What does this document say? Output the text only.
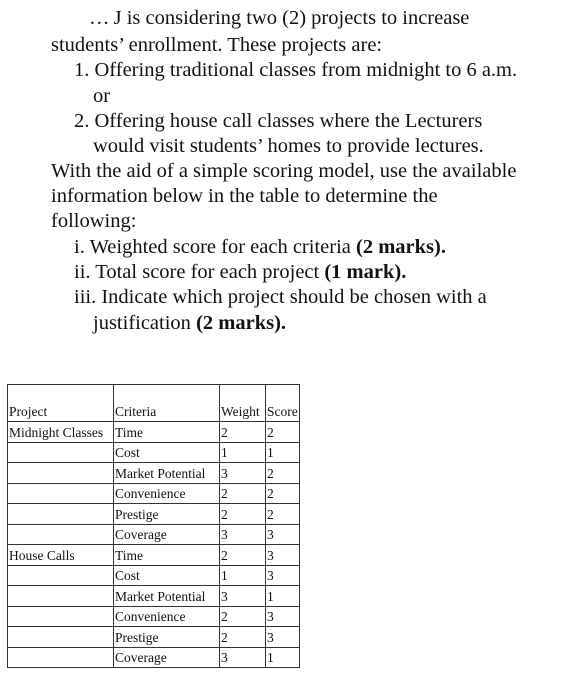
… J is considering two (2) projects to increase
students’ enrollment. These projects are:
1. Offering traditional classes from midnight to 6 a.m.
or
2. Offering house call classes where the Lecturers
would visit students’ homes to provide lectures.
With the aid of a simple scoring model, use the available
information below in the table to determine the
following:
i. Weighted score for each criteria (2 marks).
ii. Total score for each project (1 mark).
iii. Indicate which project should be chosen with a
justification (2 marks).
Project	Criteria	Weight	Score
Midnight Classes	Time	2	2
	Cost	1	1
	Market Potential	3	2
	Convenience	2	2
	Prestige	2	2
	Coverage	3	3
House Calls	Time	2	3
	Cost	1	3
	Market Potential	3	1
	Convenience	2	3
	Prestige	2	3
	Coverage	3	1
